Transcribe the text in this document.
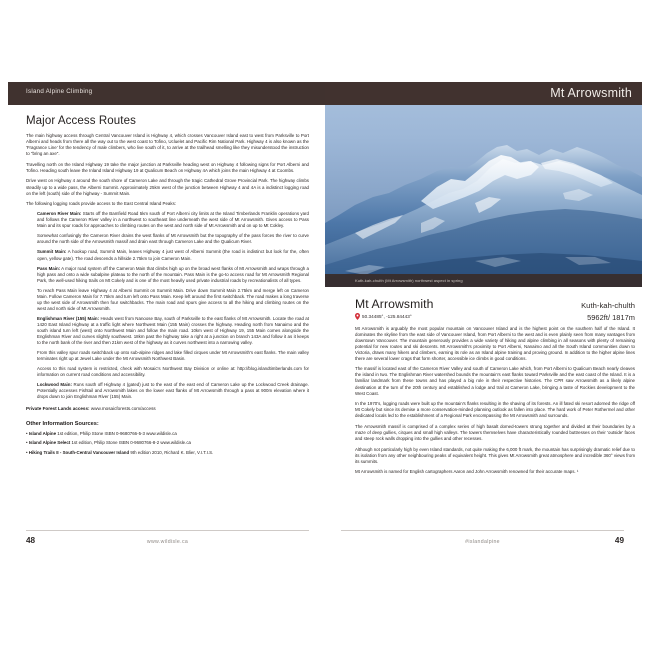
Island Alpine Climbing
Major Access Routes

The main highway access through Central Vancouver Island is Highway 4, which crosses Vancouver Island east to west from Parksville to Port Alberni and heads from there all the way out to the west coast to Tofino, Ucluelet and Pacific Rim National Park. Highway 4 is also known as the 'Fragrance Line' for the tendency of male climbers, who live south of it, to arrive at the trailhead smelling like they misunderstood the instruction to "bring an axe".

Travelling north on the Island Highway 19 take the major junction at Parksville heading west on Highway 4 following signs for Port Alberni and Tofino. Heading south leave the Inland Island Highway 19 at Qualicum Beach on Highway 4A which joins the main Highway 4 at Coombs.

Drive west on Highway 4 around the south shore of Cameron Lake and through the tragic Cathedral Grove Provincial Park. The highway climbs steadily up to a wide pass, the Alberni Summit. Approximately 25km west of the junction between Highway 4 and 4A is a indistinct logging road on the left (south) side of the highway - Summit Main.

The following logging roads provide access to the East Central Island Peaks:

Cameron River Main: Starts off the Bamfield Road 5km south of Port Alberni city limits at the Island Timberlands Franklin operations yard and follows the Cameron River valley in a northwest to southeast line underneath the west side of Mt Arrowsmith. Gives access to Pass Main and its spur roads for approaches to climbing routes on the west and north side of Mt Arrowsmith and on up to Mt Cokley.

Somewhat confusingly the Cameron River drains the west flanks of Mt Arrowsmith but the topography of the pass forces the river to curve around the north side of the Arrowsmith massif and drain east through Cameron Lake and the Qualicum River.

Summit Main: A hookup road, Summit Main, leaves Highway 4 just west of Alberni Summit (the road is indistinct but look for the, often open, yellow gate). The road descends a hillside 2.75km to join Cameron Main.

Pass Main: A major road system off the Cameron Main that climbs high up on the broad west flanks of Mt Arrowsmith and wraps through a high pass and onto a wide subalpine plateau to the north of the mountain. Pass Main is the go-to access road for Mt Arrowsmith Regional Park, the well-used hiking trails on Mt Cokely and is one of the most heavily used private industrial roads by recreationalists of all types.

To reach Pass Main leave Highway 4 at Alberni Summit on Summit Main. Drive down Summit Main 2.75km and merge left on Cameron Main. Follow Cameron Main for 7.75km and turn left onto Pass Main. Keep left around the first switchback. The road makes a long traverse up the west side of Arrowsmith then four switchbacks. The main road and spurs give access to all the hiking and climbing routes on the west and north side of Mt Arrowsmith.

Englishman River (155) Main: Heads west from Nanoose Bay, south of Parksville to the east flanks of Mt Arrowsmith. Locate the road at 1420 East Island Highway at a traffic light where Northwest Main (155 Main) crosses the highway. Heading north from Nanaimo and the south island turn left (west) onto Northwest Main and follow the main road. 10km west of Highway 19, 155 Main comes alongside the Englishman River and curves slightly southwest. 18km past the highway take a right at a junction on branch 143A and follow it as it keeps to the north bank of the river and then 21km west of the highway as it curves northwest into a narrowing valley.

From this valley spur roads switchback up onto sub-alpine ridges and lake filled cirques under Mt Arrowsmith's east flanks. The main valley terminates right up at Jewel Lake under the Mt Arrowsmith Northwest Basin.

Access to this road system is restricted, check with Mosaic's Northwest Bay Division or online at: http://blog.islandtimberlands.com for information on current road conditions and accessibility.

Lockwood Main: Runs south off Highway 4 (gated) just to the east of the east end of Cameron Lake up the Lockwood Creek drainage. Potentially accesses Fishtail and Arrowsmith lakes on the lower east flanks of Mt Arrowsmith through a pass at 900m elevation where it drops down to join Englishman River (155) Main.

Private Forest Lands access: www.mosaicforests.com/access

Other Information Sources:

• Island Alpine 1st edition, Philip Stone ISBN 0-9680766-5-3 www.wildisle.ca

• Island Alpine Select 1st edition, Philip Stone ISBN 0-9680766-8-2 www.wildisle.ca

• Hiking Trails II - South-Central Vancouver Island 9th edition 2010, Richard K. Blier, V.I.T.I.S.

48	www.wildisle.ca
Mt Arrowsmith
Kuth-kah-chulth (Mt Arrowsmith) northwest aspect in spring
Mt Arrowsmith	Kuth-kah-chulth
50.34485°, -125.84443°	5962ft/ 1817m

Mt Arrowsmith is arguably the most popular mountain on Vancouver Island and is the highest point on the southern half of the Island. It dominates the skyline from the east side of Vancouver Island, from Port Alberni to the west and is even plainly seen from many vantages from downtown Vancouver. The mountain generously provides a wide variety of hiking and alpine climbing in all seasons with plenty of remaining potential for new routes and ski descents. Mt Arrowsmith's proximity to Port Alberni, Nanaimo and all the South Island communities down to Victoria, draws many hikers and climbers, earning its role as an Island alpine training and proving ground. In addition to the higher alpine lines there are several lower crags that form shorter, accessible ice climbs in good conditions.

The massif is located east of the Cameron River Valley and south of Cameron Lake which, from Port Alberni to Qualicum Beach nearly cleaves the island in two. The Englishman River watershed bounds the mountain's east flanks toward Parksville and the east coast of the Island. It is a familiar landmark from these towns and has played a big role in their respective histories. The CPR saw Arrowsmith as a likely alpine destination at the turn of the 20th century and established a lodge and trail at Cameron Lake, bringing a taste of Rockies development to the West Coast.

In the 1970's, logging roads were built up the mountain's flanks resulting in the shaving of its forests. An ill fated ski resort adorned the ridge off Mt Cokely but since its demise a more conservation-minded planning outlook as fallen into place. The hard work of Peter Rothermel and other dedicated locals led to the establishment of a Regional Park encompassing the Mt Arrowsmith and surrounds.

The Arrowsmith massif is comprised of a complex series of high basalt domed-towers strung together and divided at their boundaries by a maze of deep gullies, cirques and small high valleys. The towers themselves have characteristically rounded buttresses on their 'outside' faces and steep rock walls dropping into the gullies and other recesses.

Although not particularly high by even Island standards, not quite making the 6,000 ft mark, the mountain has surprisingly dramatic relief due to its isolation from any other neighbouring peaks of equivalent height. This gives Mt Arrowsmith great atmosphere and incredible 360° views from its summits.

Mt Arrowsmith is named for English cartographers Aaron and John Arrowsmith renowned for their accurate maps. ¹

#islandalpine	49
